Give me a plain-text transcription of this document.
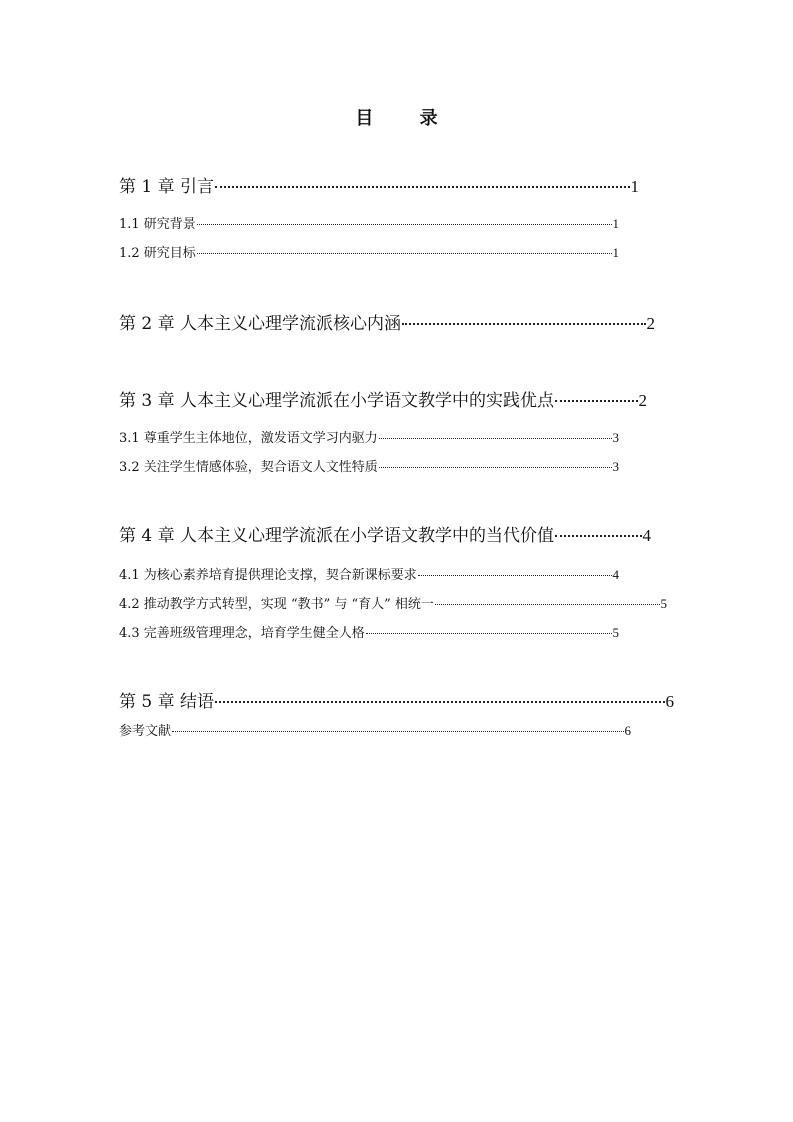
目 录
第 1 章 引言	1
1.1 研究背景	1
1.2 研究目标	1
第 2 章 人本主义心理学流派核心内涵	2
第 3 章 人本主义心理学流派在小学语文教学中的实践优点	2
3.1 尊重学生主体地位，激发语文学习内驱力	3
3.2 关注学生情感体验，契合语文人文性特质	3
第 4 章 人本主义心理学流派在小学语文教学中的当代价值	4
4.1 为核心素养培育提供理论支撑，契合新课标要求	4
4.2 推动教学方式转型，实现 “教书” 与 “育人” 相统一	5
4.3 完善班级管理理念，培育学生健全人格	5
第 5 章 结语	6
参考文献	6
